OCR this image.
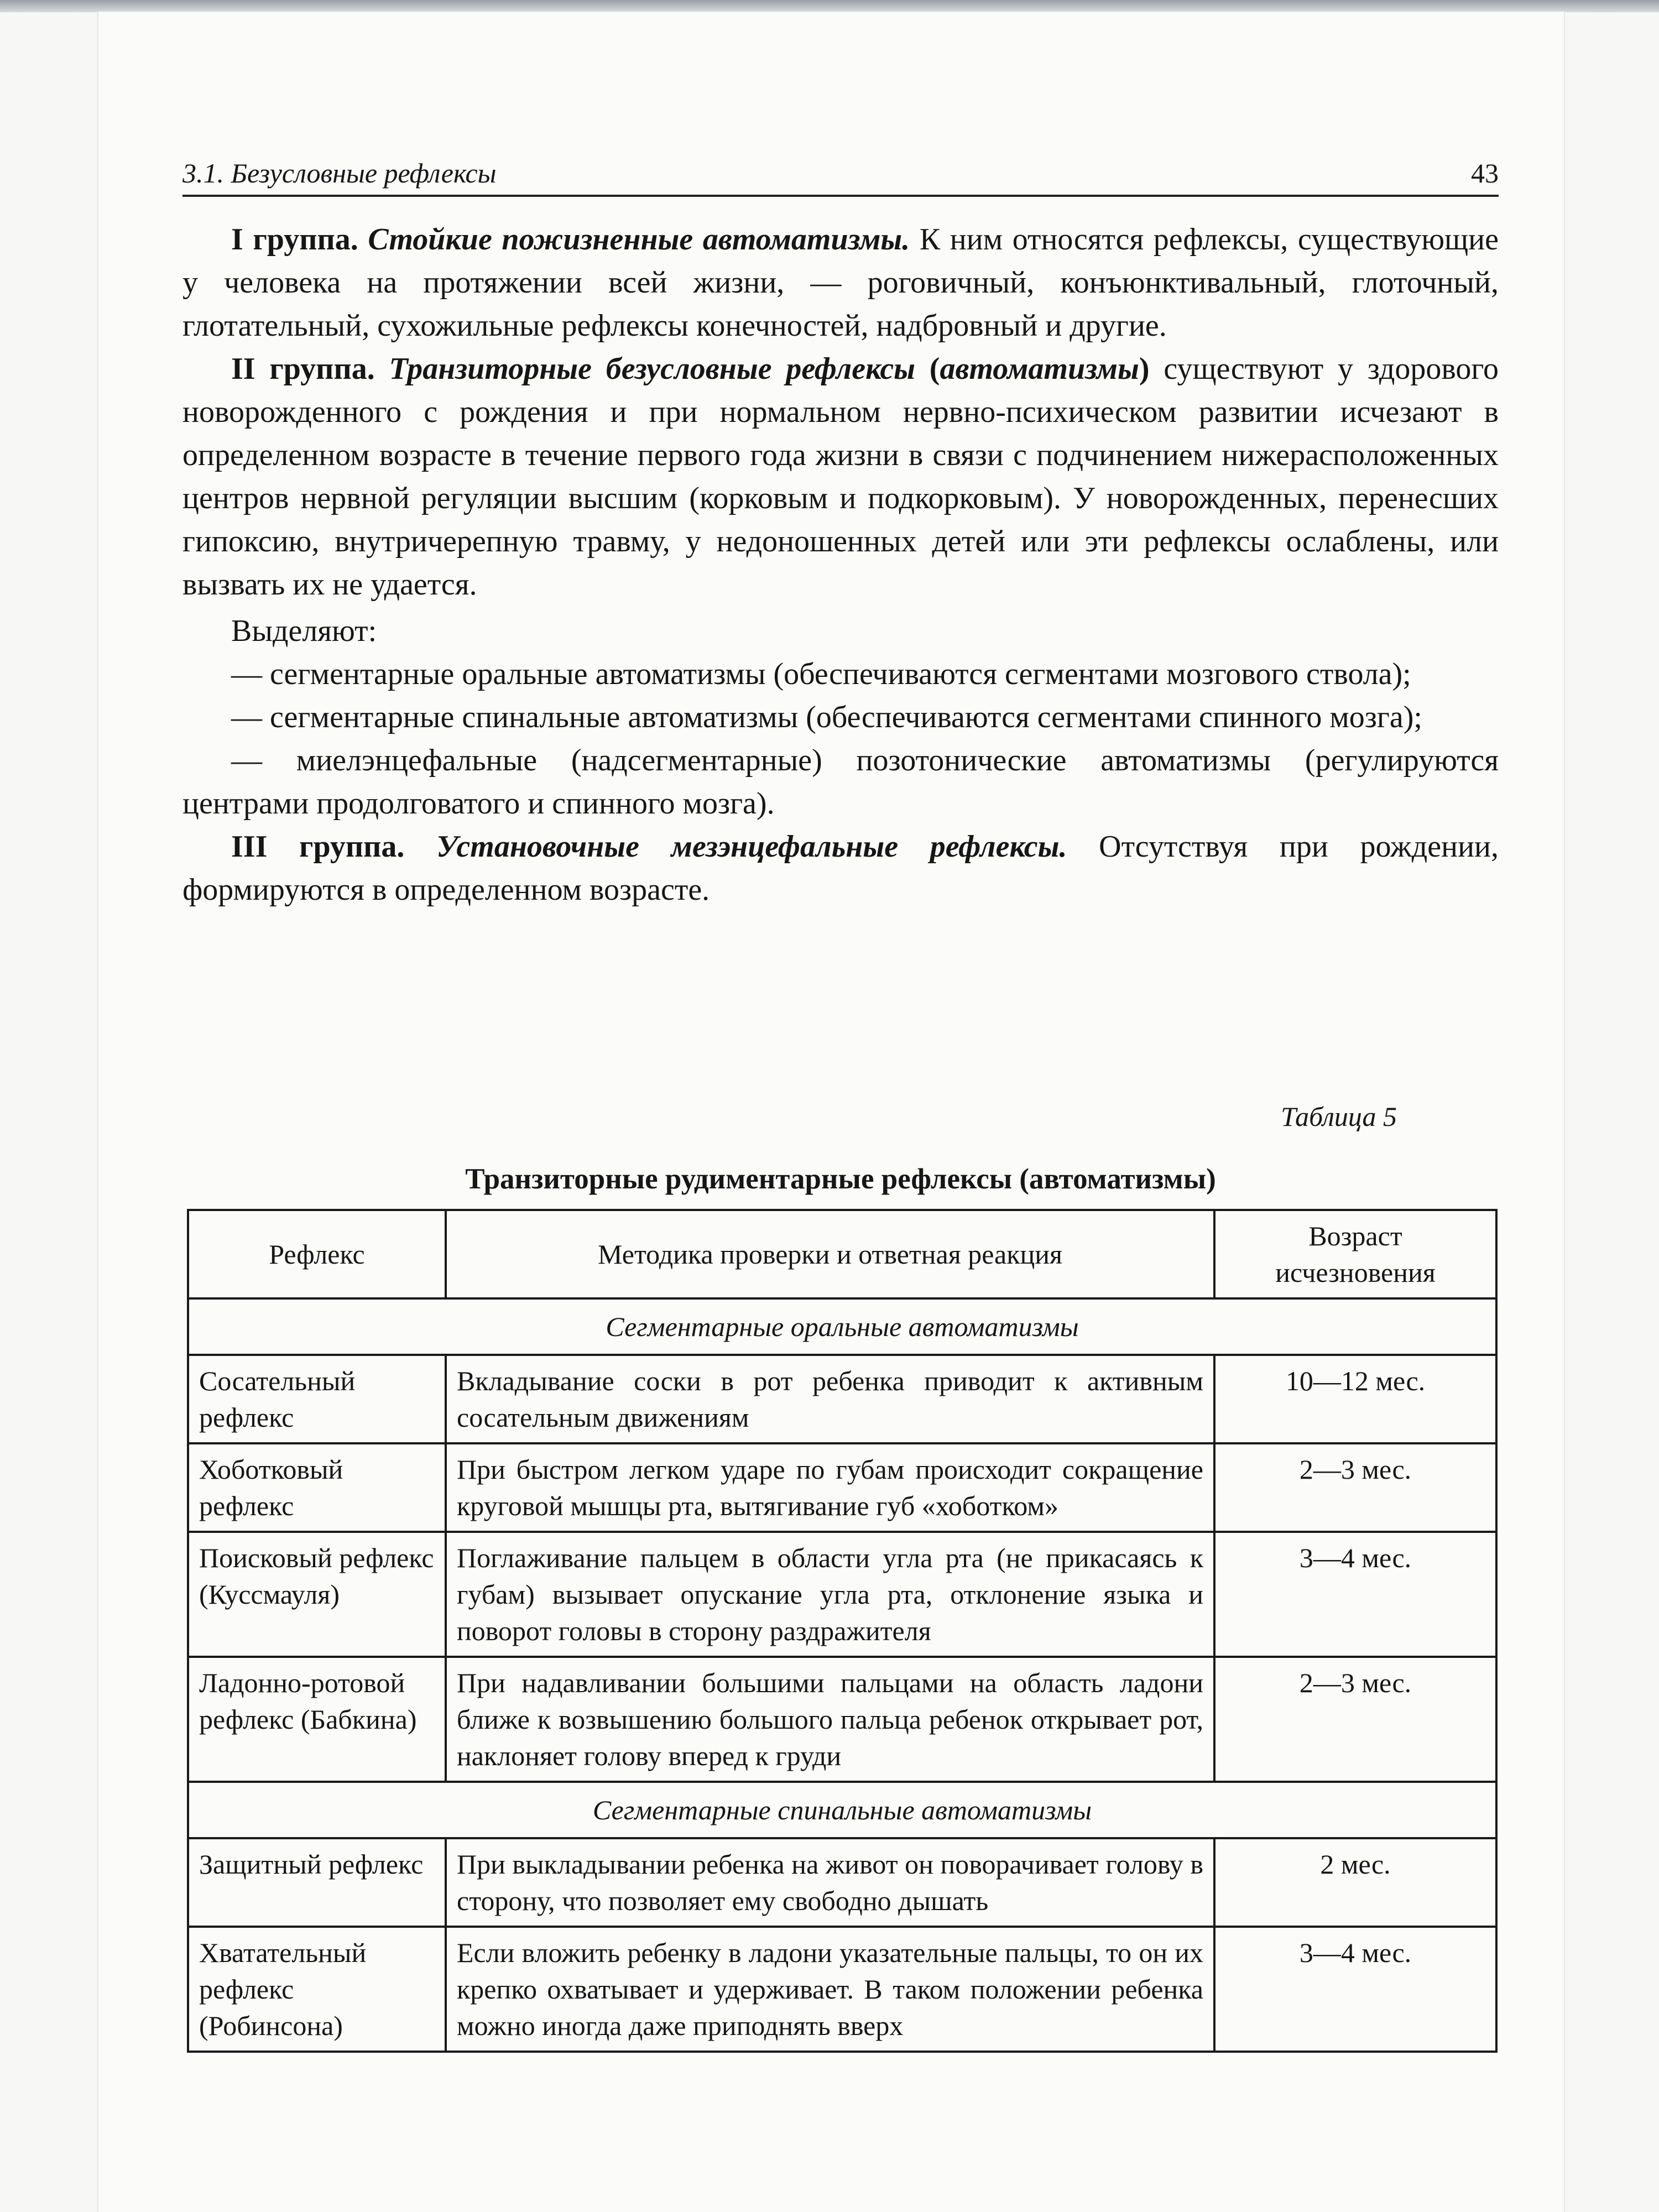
3.1. Безусловные рефлексы	43

I группа. Стойкие пожизненные автоматизмы. К ним относятся рефлексы, существующие у человека на протяжении всей жизни, — роговичный, конъюнктивальный, глоточный, глотательный, сухожильные рефлексы конечностей, надбровный и другие.

II группа. Транзиторные безусловные рефлексы (автоматизмы) существуют у здорового новорожденного с рождения и при нормальном нервно-психическом развитии исчезают в определенном возрасте в течение первого года жизни в связи с подчинением нижерасположенных центров нервной регуляции высшим (корковым и подкорковым). У новорожденных, перенесших гипоксию, внутричерепную травму, у недоношенных детей или эти рефлексы ослаблены, или вызвать их не удается.

Выделяют:

— сегментарные оральные автоматизмы (обеспечиваются сегментами мозгового ствола);

— сегментарные спинальные автоматизмы (обеспечиваются сегментами спинного мозга);

— миелэнцефальные (надсегментарные) позотонические автоматизмы (регулируются центрами продолговатого и спинного мозга).

III группа. Установочные мезэнцефальные рефлексы. Отсутствуя при рождении, формируются в определенном возрасте.

Таблица 5
Транзиторные рудиментарные рефлексы (автоматизмы)
Рефлекс	Методика проверки и ответная реакция	Возраст исчезновения
Сегментарные оральные автоматизмы		
Сосательный рефлекс	Вкладывание соски в рот ребенка приводит к активным сосательным движениям	10—12 мес.
Хоботковый рефлекс	При быстром легком ударе по губам происходит сокращение круговой мышцы рта, вытягивание губ «хоботком»	2—3 мес.
Поисковый рефлекс (Куссмауля)	Поглаживание пальцем в области угла рта (не прикасаясь к губам) вызывает опускание угла рта, отклонение языка и поворот головы в сторону раздражителя	3—4 мес.
Ладонно-ротовой рефлекс (Бабкина)	При надавливании большими пальцами на область ладони ближе к возвышению большого пальца ребенок открывает рот, наклоняет голову вперед к груди	2—3 мес.
Сегментарные спинальные автоматизмы		
Защитный рефлекс	При выкладывании ребенка на живот он поворачивает голову в сторону, что позволяет ему свободно дышать	2 мес.
Хватательный рефлекс (Робинсона)	Если вложить ребенку в ладони указательные пальцы, то он их крепко охватывает и удерживает. В таком положении ребенка можно иногда даже приподнять вверх	3—4 мес.
